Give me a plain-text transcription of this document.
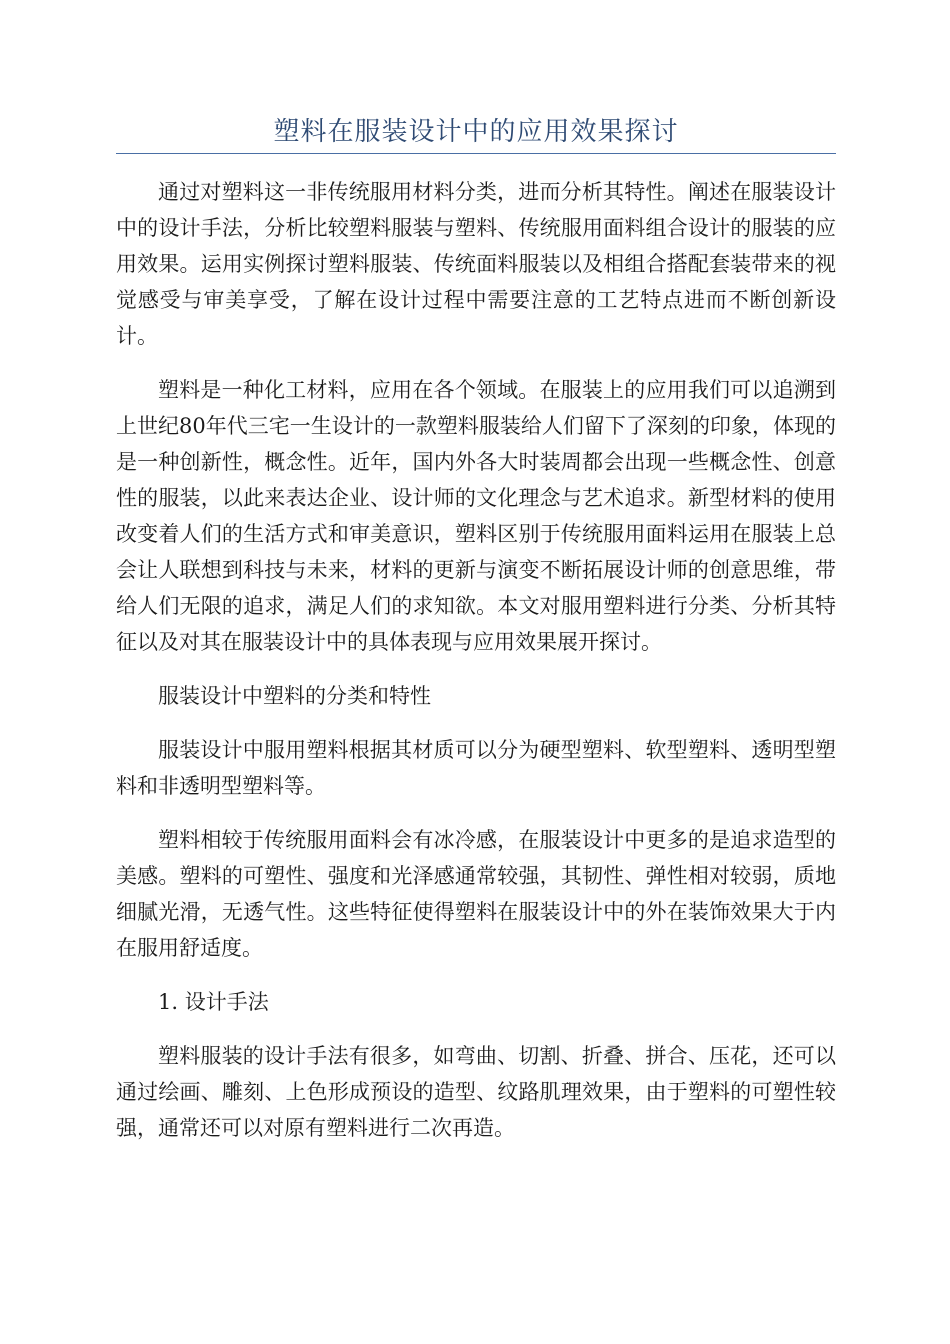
塑料在服装设计中的应用效果探讨

通过对塑料这一非传统服用材料分类，进而分析其特性。阐述在服装设计中的设计手法，分析比较塑料服装与塑料、传统服用面料组合设计的服装的应用效果。运用实例探讨塑料服装、传统面料服装以及相组合搭配套装带来的视觉感受与审美享受，了解在设计过程中需要注意的工艺特点进而不断创新设计。

塑料是一种化工材料，应用在各个领域。在服装上的应用我们可以追溯到上世纪80年代三宅一生设计的一款塑料服装给人们留下了深刻的印象，体现的是一种创新性，概念性。近年，国内外各大时装周都会出现一些概念性、创意性的服装，以此来表达企业、设计师的文化理念与艺术追求。新型材料的使用改变着人们的生活方式和审美意识，塑料区别于传统服用面料运用在服装上总会让人联想到科技与未来，材料的更新与演变不断拓展设计师的创意思维，带给人们无限的追求，满足人们的求知欲。本文对服用塑料进行分类、分析其特征以及对其在服装设计中的具体表现与应用效果展开探讨。

服装设计中塑料的分类和特性

服装设计中服用塑料根据其材质可以分为硬型塑料、软型塑料、透明型塑料和非透明型塑料等。

塑料相较于传统服用面料会有冰冷感，在服装设计中更多的是追求造型的美感。塑料的可塑性、强度和光泽感通常较强，其韧性、弹性相对较弱，质地细腻光滑，无透气性。这些特征使得塑料在服装设计中的外在装饰效果大于内在服用舒适度。

1. 设计手法

塑料服装的设计手法有很多，如弯曲、切割、折叠、拼合、压花，还可以通过绘画、雕刻、上色形成预设的造型、纹路肌理效果，由于塑料的可塑性较强，通常还可以对原有塑料进行二次再造。
